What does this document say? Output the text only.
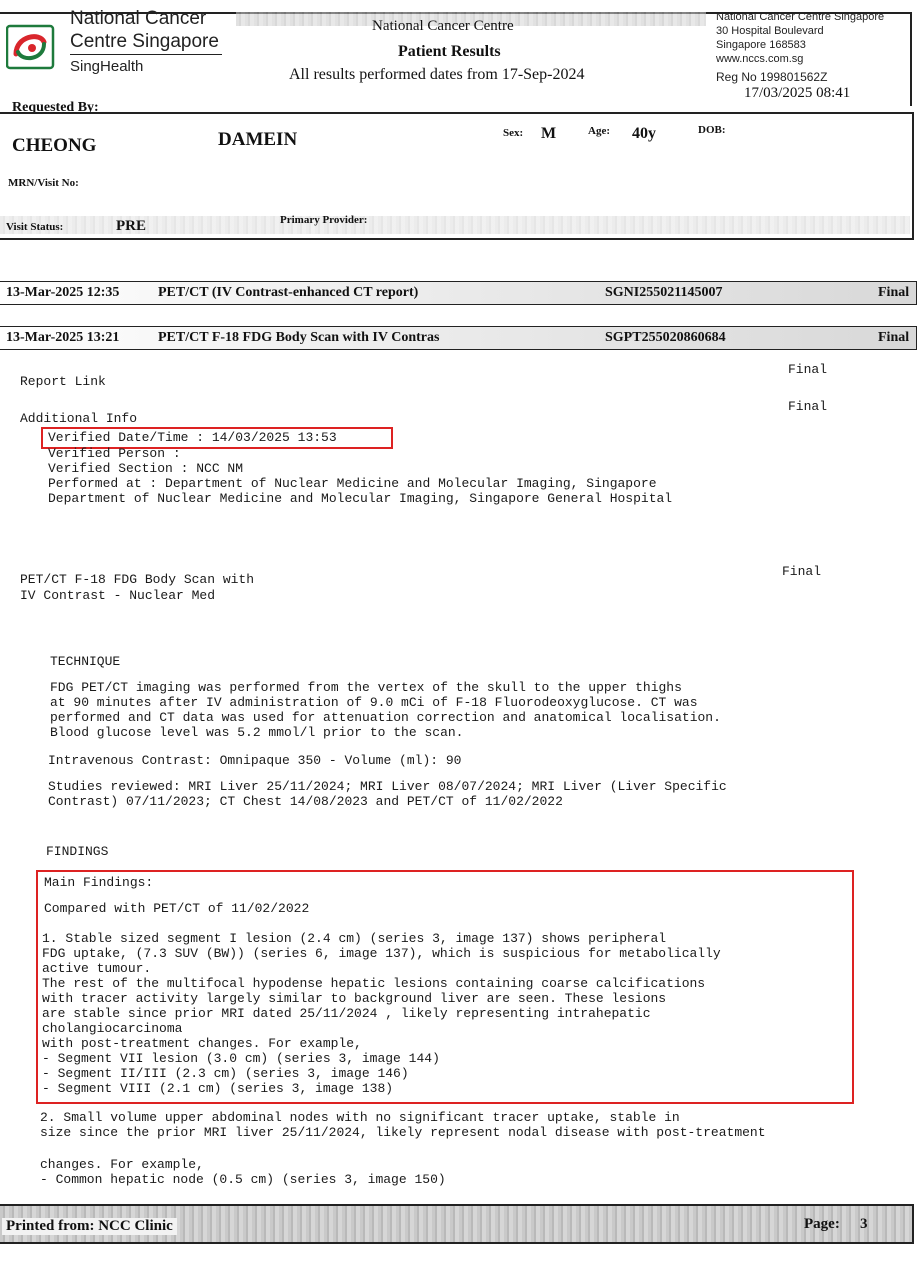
National Cancer
Centre Singapore
SingHealth
National Cancer Centre
Patient Results
All results performed dates from 17-Sep-2024
National Cancer Centre Singapore
30 Hospital Boulevard
Singapore 168583
www.nccs.com.sg
Reg No 199801562Z
17/03/2025 08:41
Requested By:
CHEONG	DAMEIN	Sex: M	Age: 40y	DOB:
MRN/Visit No:
Visit Status:	PRE	Primary Provider:
13-Mar-2025 12:35	PET/CT (IV Contrast-enhanced CT report)	SGNI255021145007	Final
13-Mar-2025 13:21	PET/CT F-18 FDG Body Scan with IV Contras	SGPT255020860684	Final
Report Link
Final
Additional Info
Final
Verified Date/Time : 14/03/2025 13:53
Verified Person :
Verified Section : NCC NM
Performed at : Department of Nuclear Medicine and Molecular Imaging, Singapore
Department of Nuclear Medicine and Molecular Imaging, Singapore General Hospital
PET/CT F-18 FDG Body Scan with
IV Contrast - Nuclear Med
Final
TECHNIQUE
FDG PET/CT imaging was performed from the vertex of the skull to the upper thighs
at 90 minutes after IV administration of 9.0 mCi of F-18 Fluorodeoxyglucose. CT was
performed and CT data was used for attenuation correction and anatomical localisation.
Blood glucose level was 5.2 mmol/l prior to the scan.
Intravenous Contrast: Omnipaque 350 - Volume (ml): 90
Studies reviewed: MRI Liver 25/11/2024; MRI Liver 08/07/2024; MRI Liver (Liver Specific
Contrast) 07/11/2023; CT Chest 14/08/2023 and PET/CT of 11/02/2022
FINDINGS
Main Findings:
Compared with PET/CT of 11/02/2022
1. Stable sized segment I lesion (2.4 cm) (series 3, image 137) shows peripheral
FDG uptake, (7.3 SUV (BW)) (series 6, image 137), which is suspicious for metabolically
active tumour.
The rest of the multifocal hypodense hepatic lesions containing coarse calcifications
with tracer activity largely similar to background liver are seen. These lesions
are stable since prior MRI dated 25/11/2024 , likely representing intrahepatic
cholangiocarcinoma
with post-treatment changes. For example,
- Segment VII lesion (3.0 cm) (series 3, image 144)
- Segment II/III (2.3 cm) (series 3, image 146)
- Segment VIII (2.1 cm) (series 3, image 138)
2. Small volume upper abdominal nodes with no significant tracer uptake, stable in
size since the prior MRI liver 25/11/2024, likely represent nodal disease with post-treatment
changes. For example,
- Common hepatic node (0.5 cm) (series 3, image 150)
Printed from: NCC Clinic	Page: 3
